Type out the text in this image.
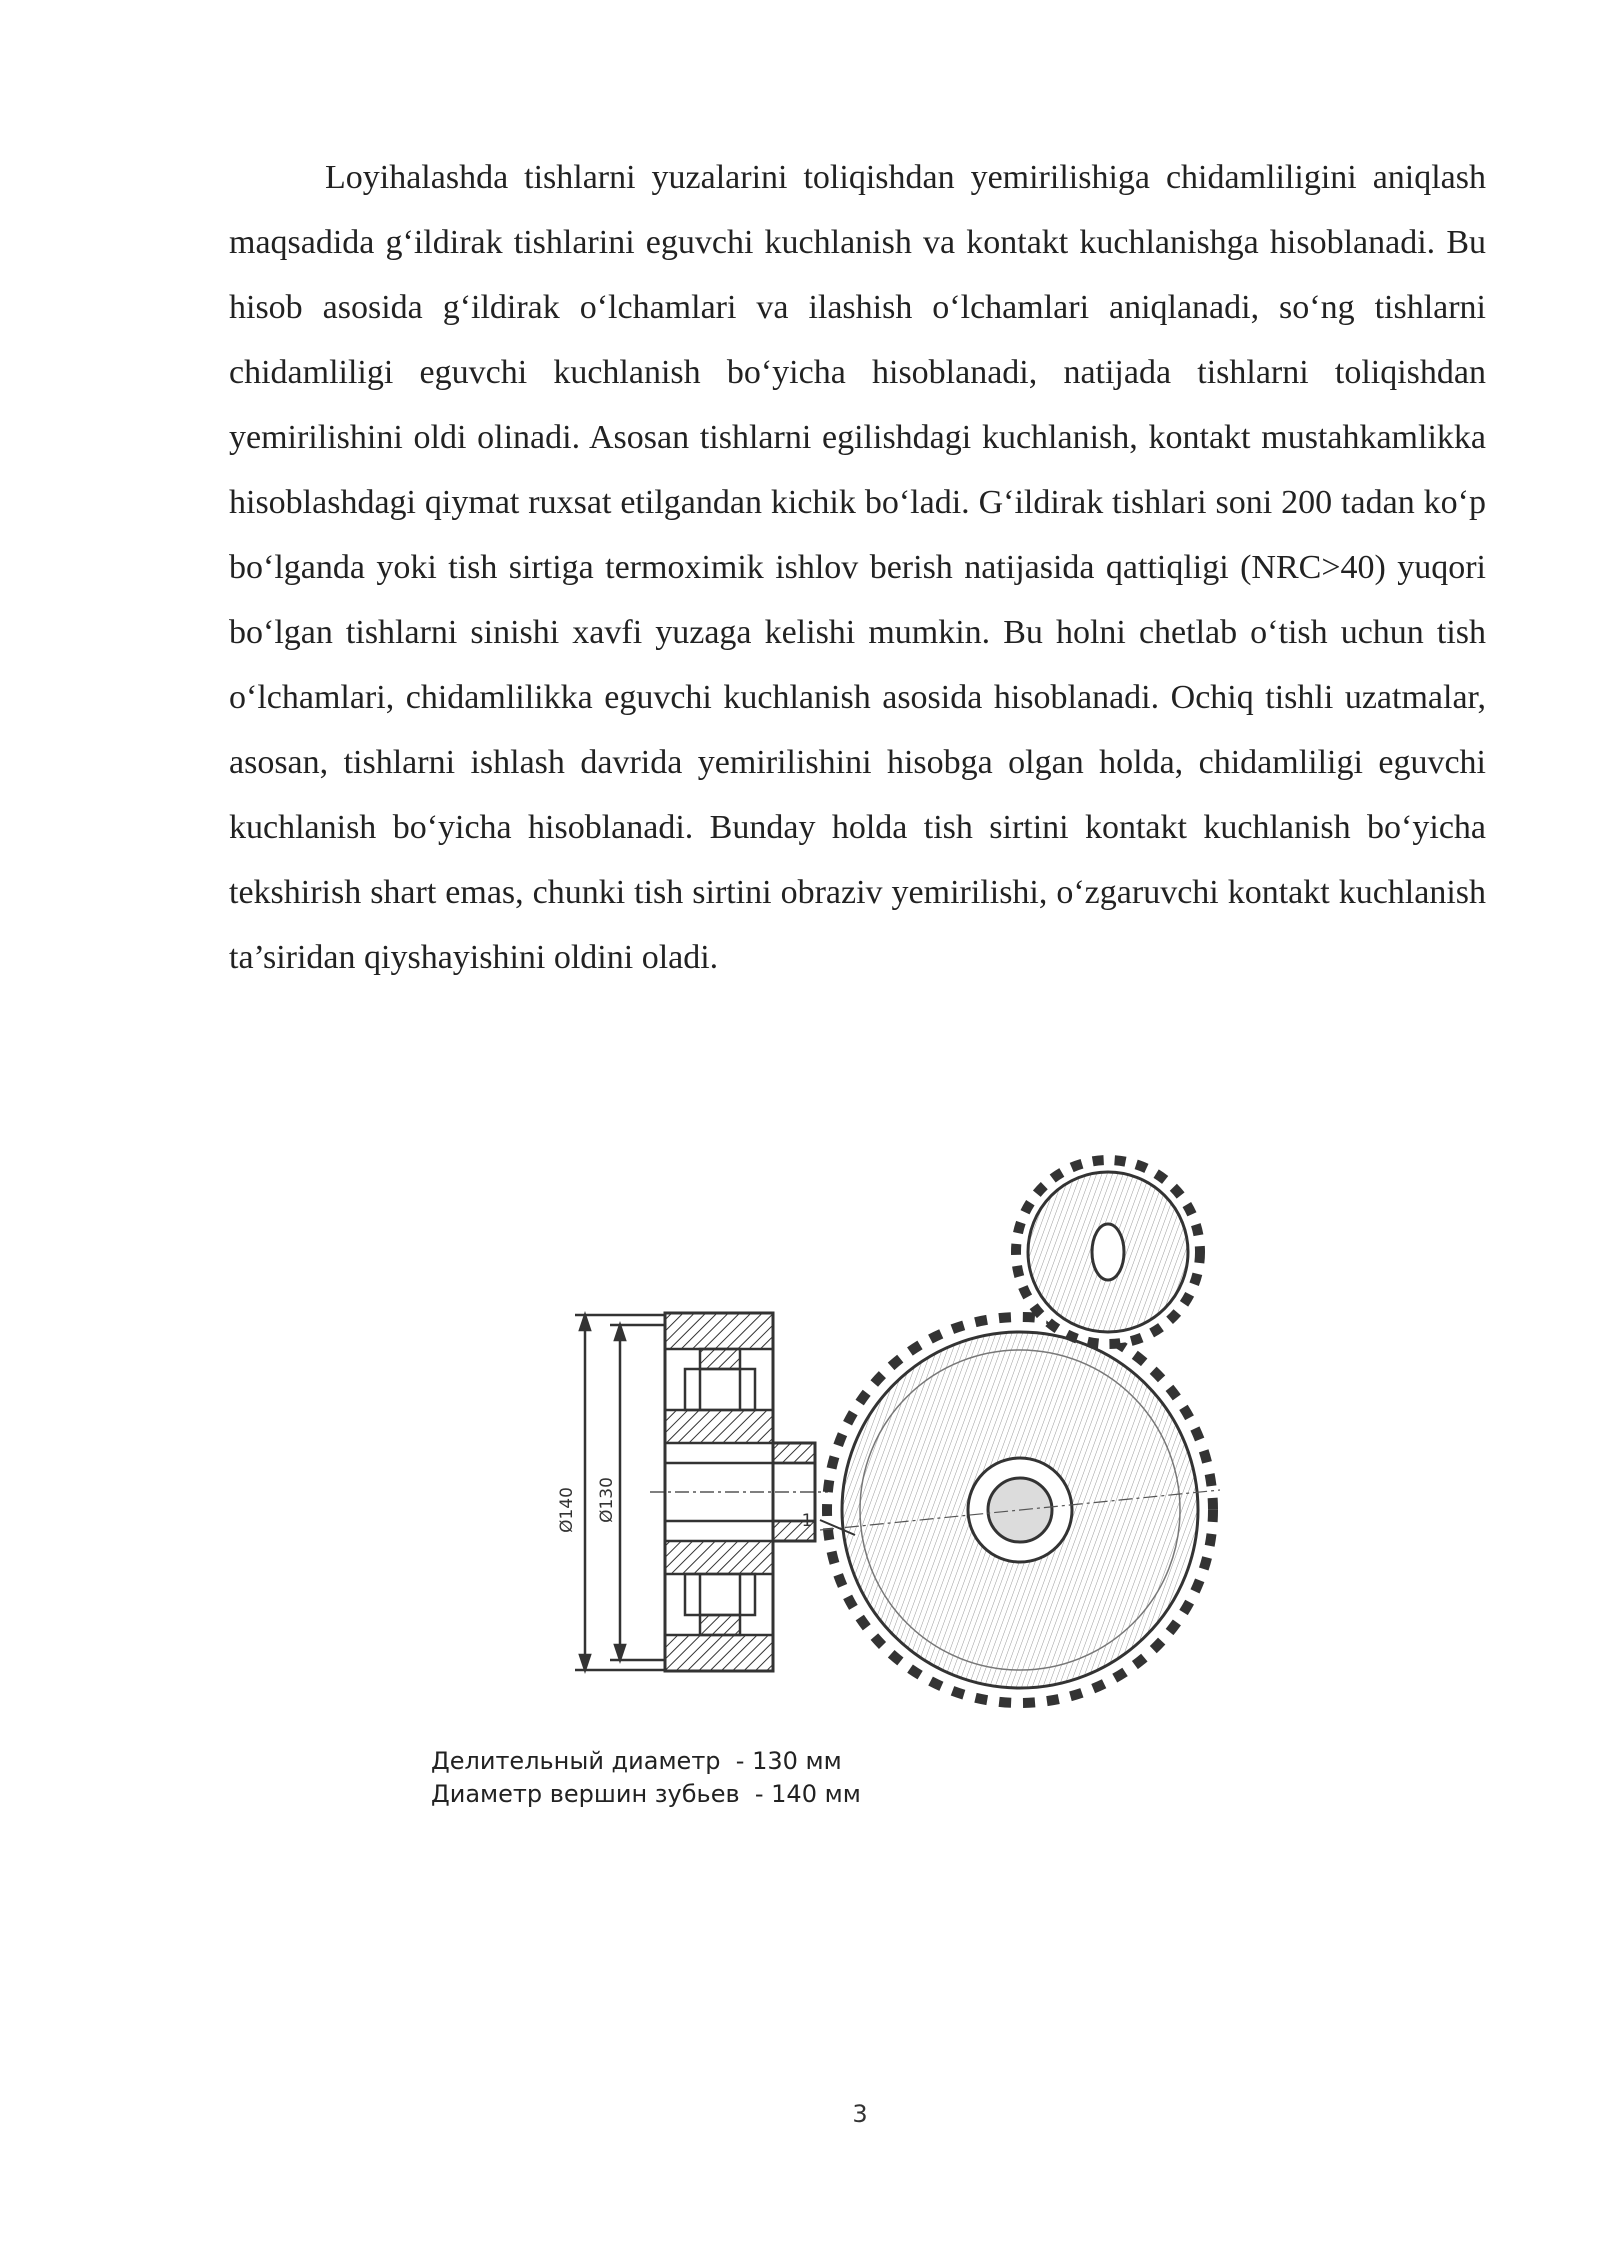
Loyihalashda tishlarni yuzalarini toliqishdan yemirilishiga chidamliligini aniqlash maqsadida g‘ildirak tishlarini eguvchi kuchlanish va kontakt kuchlanishga hisoblanadi. Bu hisob asosida g‘ildirak o‘lchamlari va ilashish o‘lchamlari aniqlanadi, so‘ng tishlarni chidamliligi eguvchi kuchlanish bo‘yicha hisoblanadi, natijada tishlarni toliqishdan yemirilishini oldi olinadi. Asosan tishlarni egilishdagi kuchlanish, kontakt mustahkamlikka hisoblashdagi qiymat ruxsat etilgandan kichik bo‘ladi. G‘ildirak tishlari soni 200 tadan ko‘p bo‘lganda yoki tish sirtiga termoximik ishlov berish natijasida qattiqligi (NRC>40) yuqori bo‘lgan tishlarni sinishi xavfi yuzaga kelishi mumkin. Bu holni chetlab o‘tish uchun tish o‘lchamlari, chidamlilikka eguvchi kuchlanish asosida hisoblanadi. Ochiq tishli uzatmalar, asosan, tishlarni ishlash davrida yemirilishini hisobga olgan holda, chidamliligi eguvchi kuchlanish bo‘yicha hisoblanadi. Bunday holda tish sirtini kontakt kuchlanish bo‘yicha tekshirish shart emas, chunki tish sirtini obraziv yemirilishi, o‘zgaruvchi kontakt kuchlanish ta’siridan qiyshayishini oldini oladi.

Ø140 Ø130	1
Делительный диаметр  - 130 мм
Диаметр вершин зубьев  - 140 мм
3
